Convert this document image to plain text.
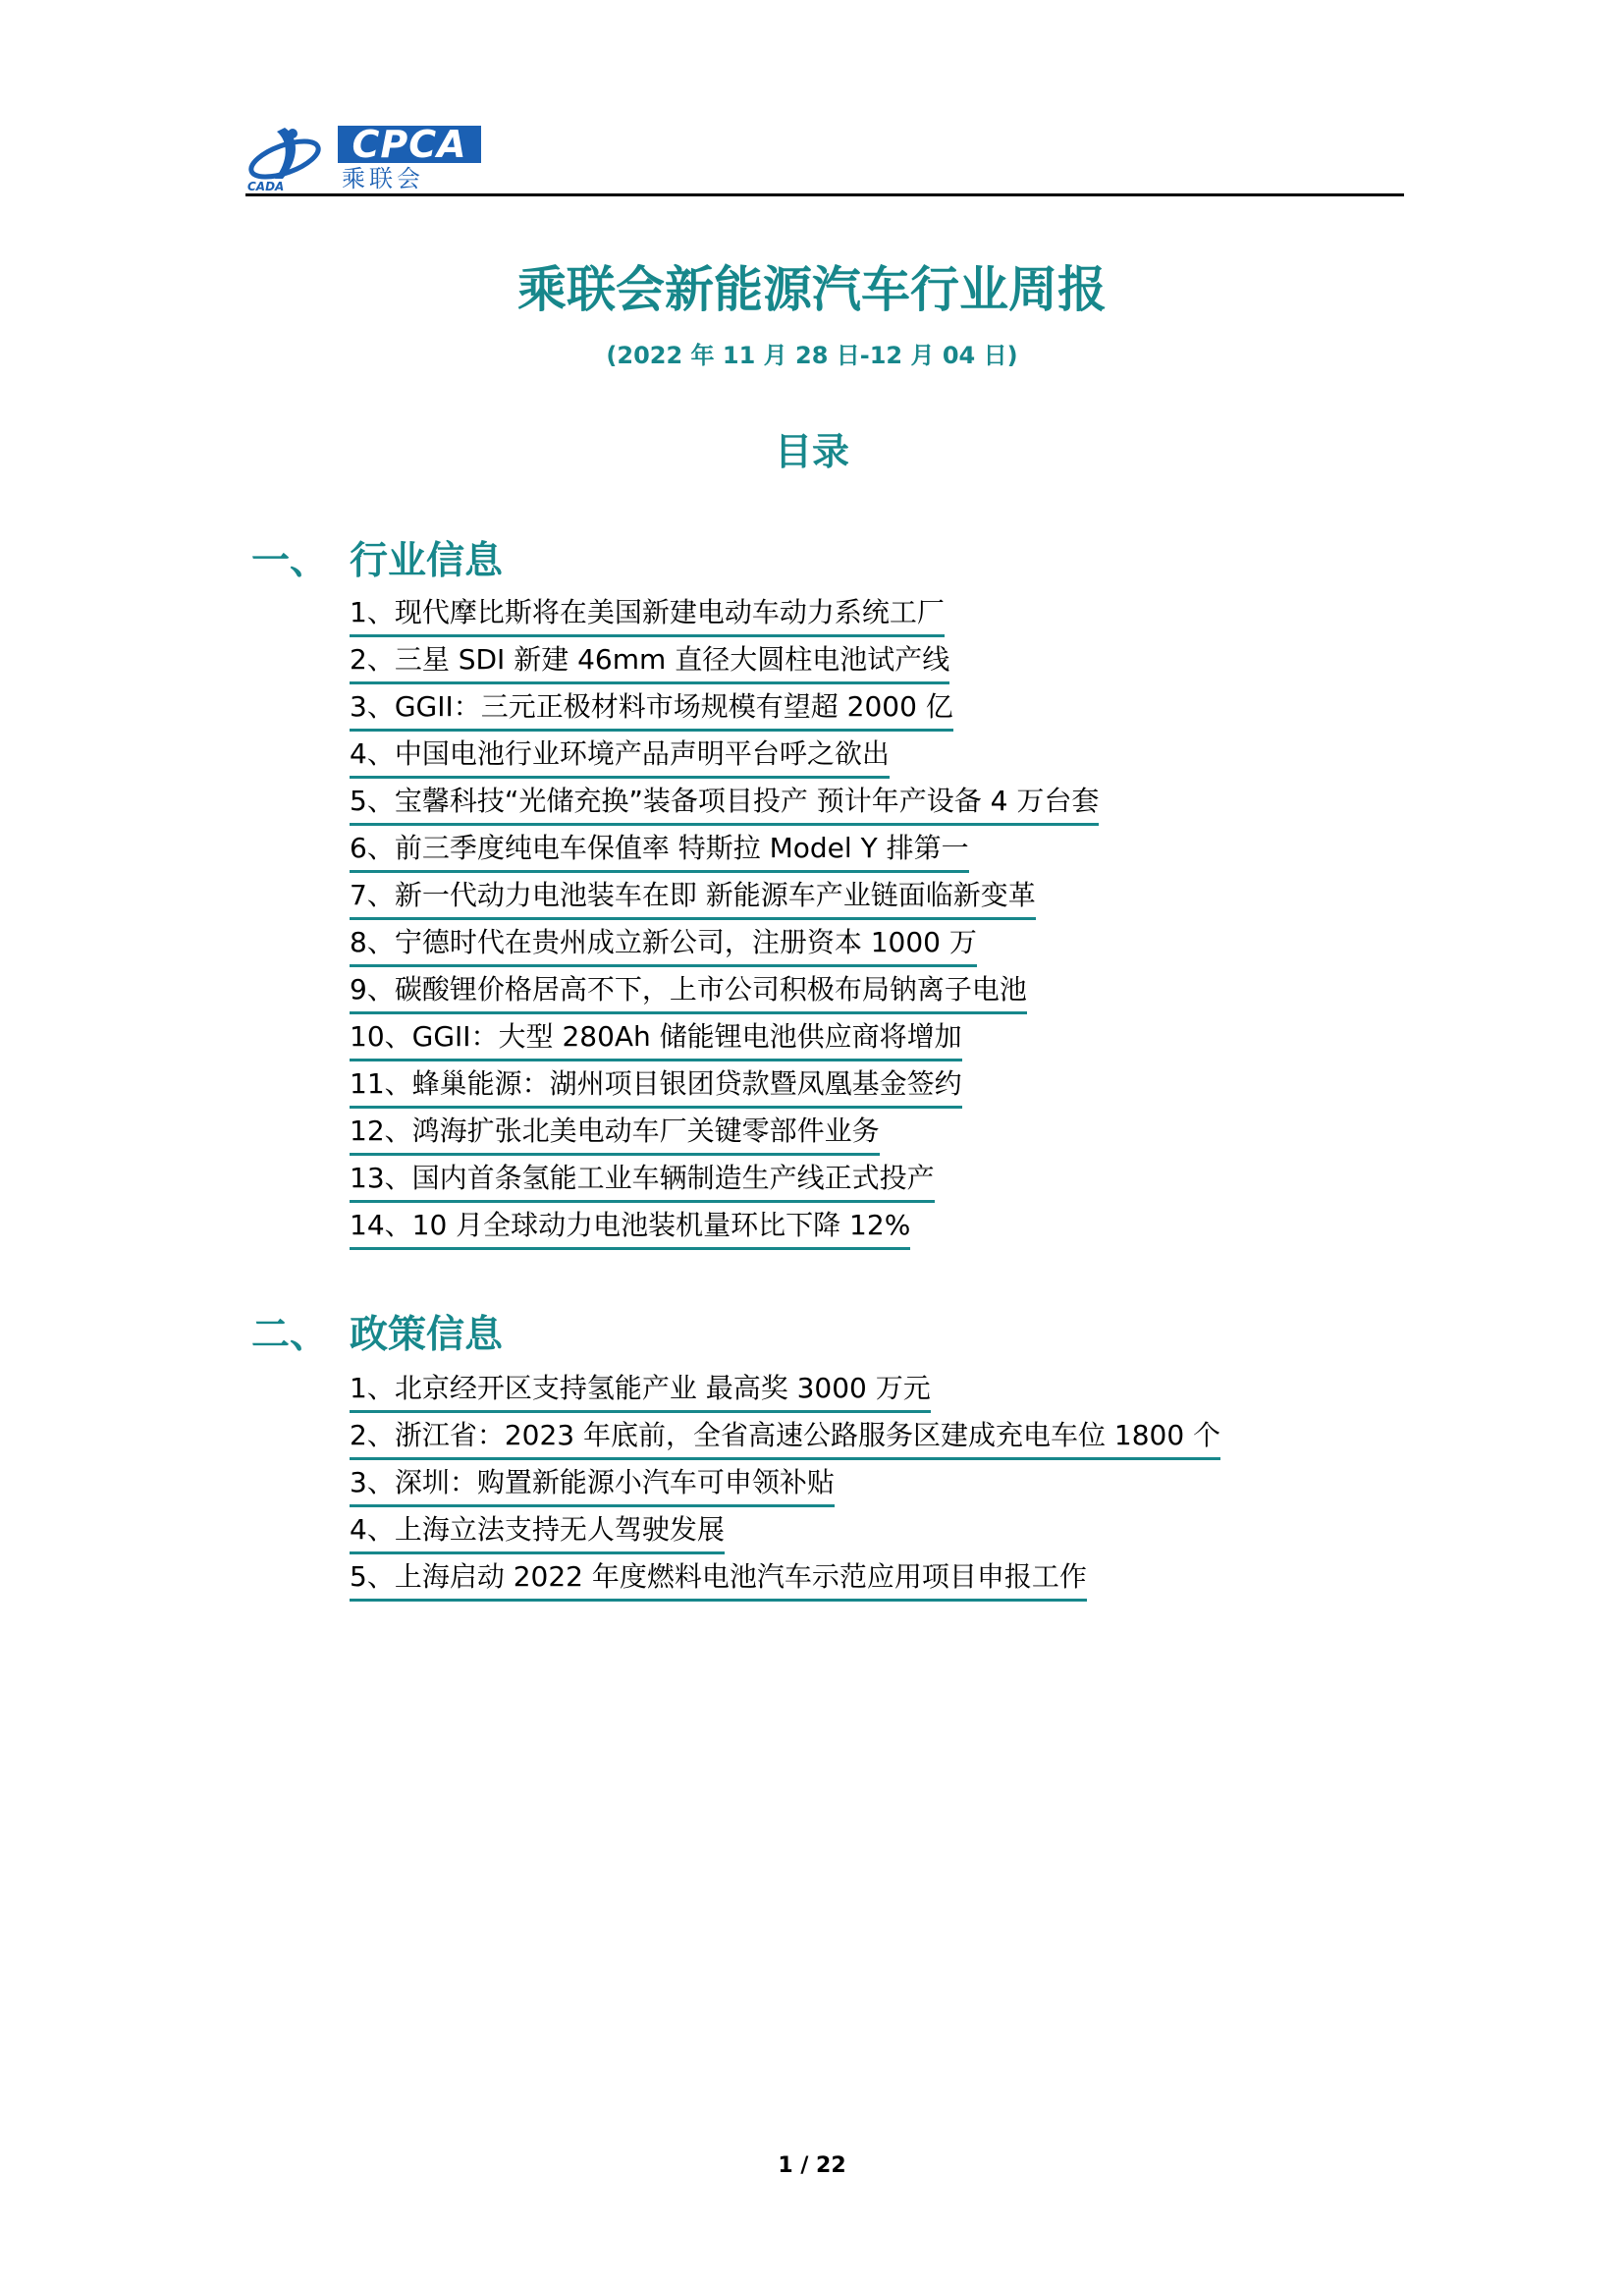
CADA
CPCA
乘联会
乘联会新能源汽车行业周报
(2022 年 11 月 28 日-12 月 04 日)
目录
一、 行业信息
1、现代摩比斯将在美国新建电动车动力系统工厂
2、三星 SDI 新建 46mm 直径大圆柱电池试产线
3、GGII：三元正极材料市场规模有望超 2000 亿
4、中国电池行业环境产品声明平台呼之欲出
5、宝馨科技“光储充换”装备项目投产 预计年产设备 4 万台套
6、前三季度纯电车保值率 特斯拉 Model Y 排第一
7、新一代动力电池装车在即 新能源车产业链面临新变革
8、宁德时代在贵州成立新公司，注册资本 1000 万
9、碳酸锂价格居高不下，上市公司积极布局钠离子电池
10、GGII：大型 280Ah 储能锂电池供应商将增加
11、蜂巢能源：湖州项目银团贷款暨凤凰基金签约
12、鸿海扩张北美电动车厂关键零部件业务
13、国内首条氢能工业车辆制造生产线正式投产
14、10 月全球动力电池装机量环比下降 12%
二、 政策信息
1、北京经开区支持氢能产业 最高奖 3000 万元
2、浙江省：2023 年底前，全省高速公路服务区建成充电车位 1800 个
3、深圳：购置新能源小汽车可申领补贴
4、上海立法支持无人驾驶发展
5、上海启动 2022 年度燃料电池汽车示范应用项目申报工作
1 / 22
